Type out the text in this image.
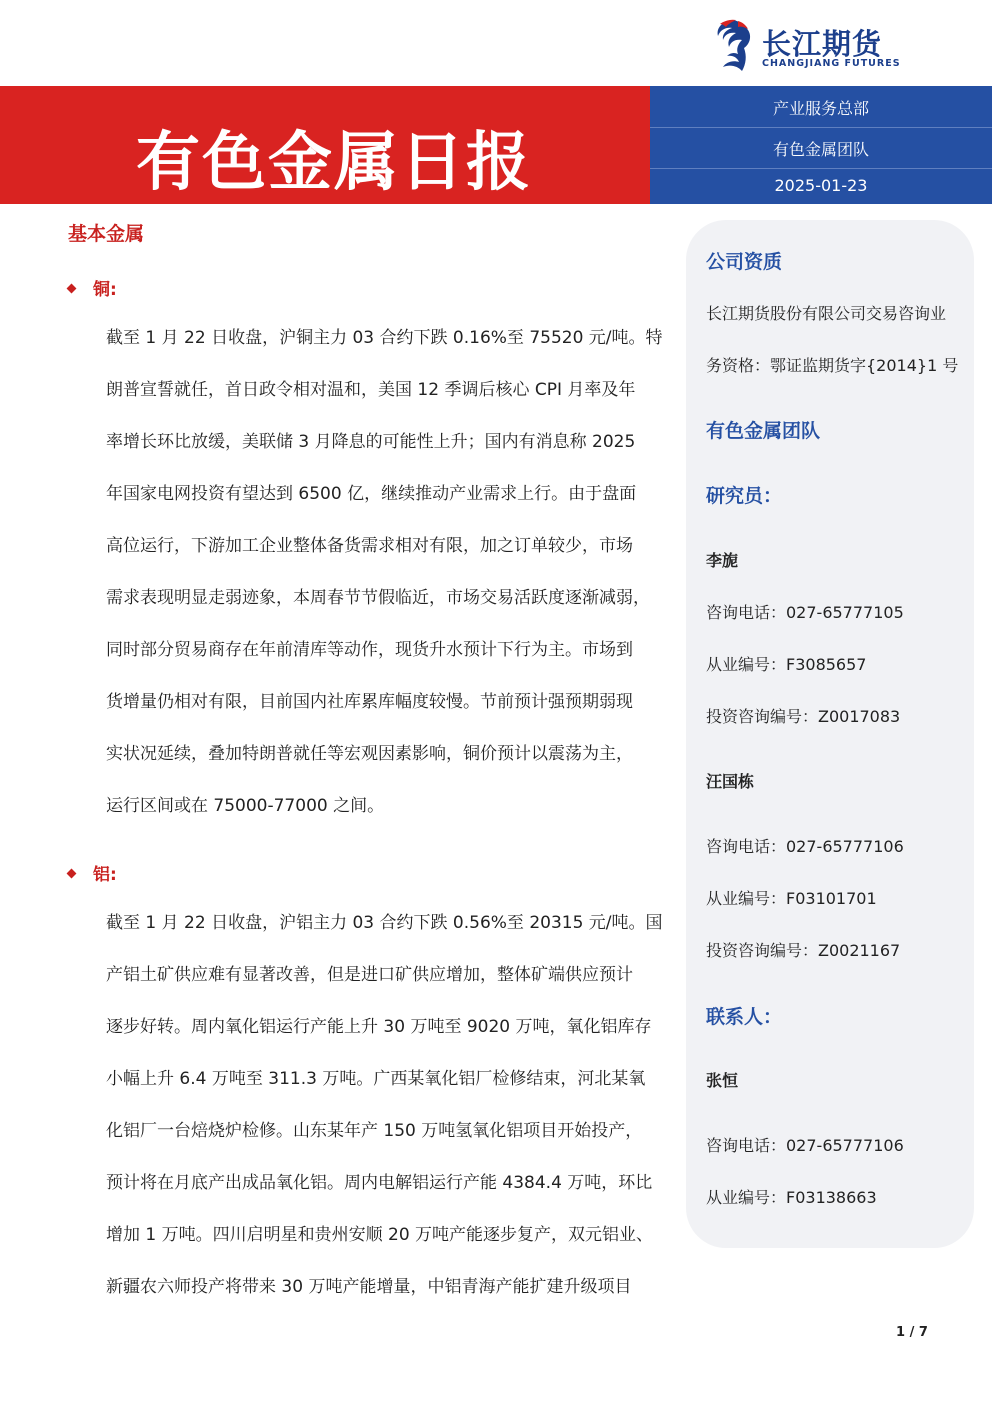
长江期货
CHANGJIANG FUTURES
有色金属日报
产业服务总部
有色金属团队
2025-01-23
基本金属
铜:
截至 1 月 22 日收盘，沪铜主力 03 合约下跌 0.16%至 75520 元/吨。特
朗普宣誓就任，首日政令相对温和，美国 12 季调后核心 CPI 月率及年
率增长环比放缓，美联储 3 月降息的可能性上升；国内有消息称 2025
年国家电网投资有望达到 6500 亿，继续推动产业需求上行。由于盘面
高位运行，下游加工企业整体备货需求相对有限，加之订单较少，市场
需求表现明显走弱迹象，本周春节节假临近，市场交易活跃度逐渐减弱，
同时部分贸易商存在年前清库等动作，现货升水预计下行为主。市场到
货增量仍相对有限，目前国内社库累库幅度较慢。节前预计强预期弱现
实状况延续，叠加特朗普就任等宏观因素影响，铜价预计以震荡为主，
运行区间或在 75000-77000 之间。
铝:
截至 1 月 22 日收盘，沪铝主力 03 合约下跌 0.56%至 20315 元/吨。国
产铝土矿供应难有显著改善，但是进口矿供应增加，整体矿端供应预计
逐步好转。周内氧化铝运行产能上升 30 万吨至 9020 万吨，氧化铝库存
小幅上升 6.4 万吨至 311.3 万吨。广西某氧化铝厂检修结束，河北某氧
化铝厂一台焙烧炉检修。山东某年产 150 万吨氢氧化铝项目开始投产，
预计将在月底产出成品氧化铝。周内电解铝运行产能 4384.4 万吨，环比
增加 1 万吨。四川启明星和贵州安顺 20 万吨产能逐步复产，双元铝业、
新疆农六师投产将带来 30 万吨产能增量，中铝青海产能扩建升级项目
公司资质
长江期货股份有限公司交易咨询业
务资格：鄂证监期货字{2014}1 号
有色金属团队
研究员：
李旎
咨询电话：027-65777105
从业编号：F3085657
投资咨询编号：Z0017083
汪国栋
咨询电话：027-65777106
从业编号：F03101701
投资咨询编号：Z0021167
联系人：
张恒
咨询电话：027-65777106
从业编号：F03138663
1 / 7
